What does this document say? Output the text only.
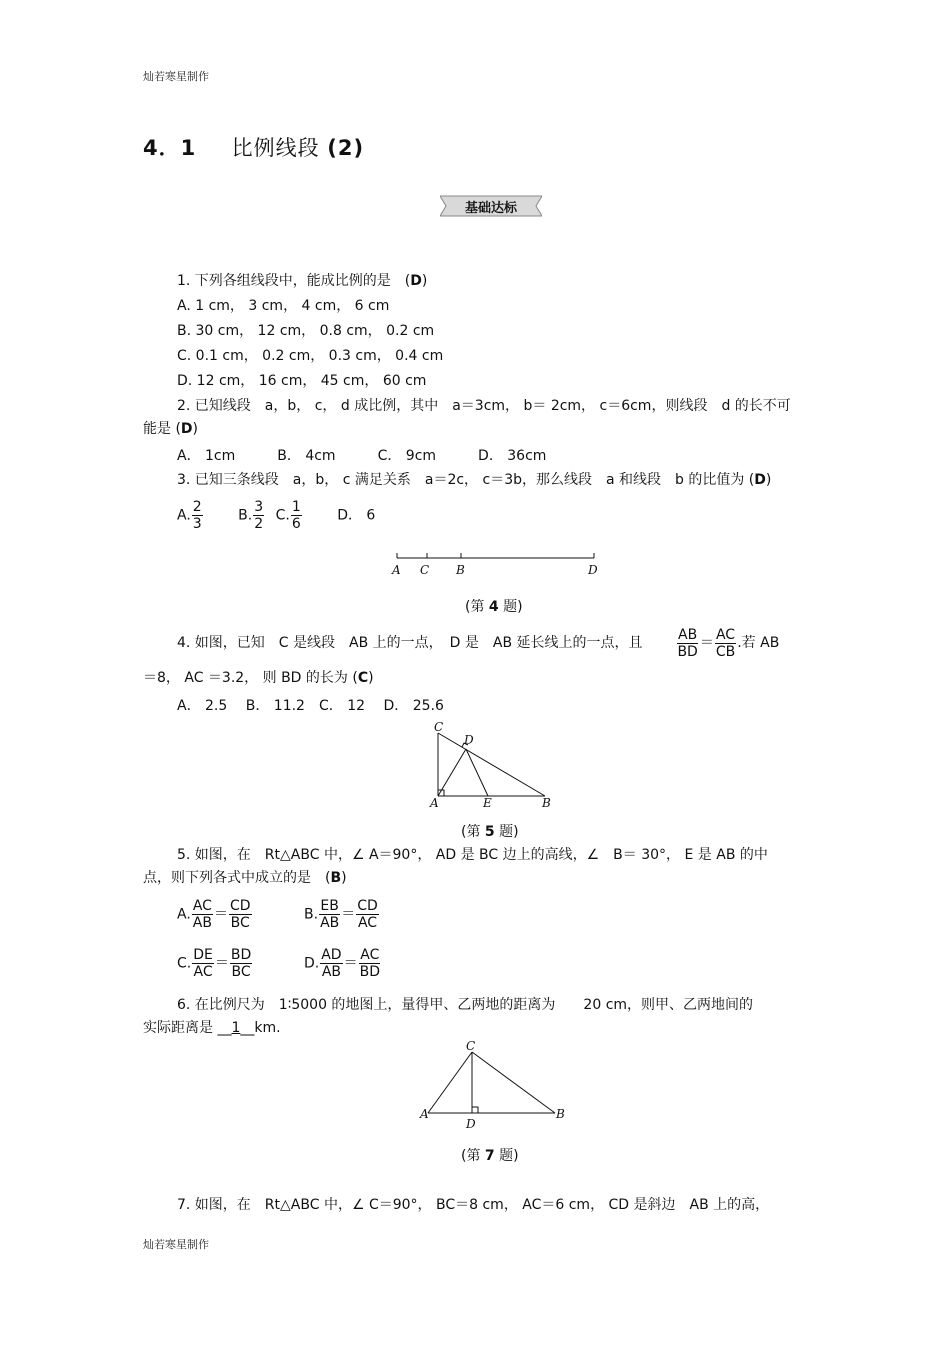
灿若寒星制作
4．1 比例线段 (2)
基础达标
1. 下列各组线段中，能成比例的是　(D)
A. 1 cm， 3 cm， 4 cm， 6 cm
B. 30 cm， 12 cm， 0.8 cm， 0.2 cm
C. 0.1 cm， 0.2 cm， 0.3 cm， 0.4 cm
D. 12 cm， 16 cm， 45 cm， 60 cm
2. 已知线段　a，b， c， d 成比例，其中　a＝3cm， b＝ 2cm， c＝6cm，则线段　d 的长不可
能是 (D)
A． 1cm　　　B． 4cm　　　C． 9cm　　　D． 36cm
3. 已知三条线段　a，b， c 满足关系　a＝2c， c＝3b，那么线段　a 和线段　b 的比值为 (D)
A. $\frac{2}{3}$	B. $\frac{3}{2} C$. $\frac{1}{6}$	D． 6
A C B	D
(第 4 题)
4. 如图，已知　C 是线段　AB 上的一点，　D 是　AB 延长线上的一点，且 $\frac{AB}{BD} = \frac{AC}{CB}$ .若 AB
＝8， AC ＝3.2， 则 BD 的长为 (C)
A． 2.5　 B． 11.2　C． 12　 D． 25.6
C
D
A	E	B
(第 5 题)
5. 如图，在　Rt△ABC 中，∠ A＝90°， AD 是 BC 边上的高线，∠　B＝ 30°， E 是 AB 的中
点，则下列各式中成立的是　(B)
A. $\frac{AC}{AB} = \frac{CD}{BC}$	B. $\frac{EB}{AB} = \frac{CD}{AC}$
C. $\frac{DE}{AC} = \frac{BD}{BC}$	D. $\frac{AD}{AB} = \frac{AC}{BD}$
6. 在比例尺为　1∶5000 的地图上，量得甲、乙两地的距离为　　20 cm，则甲、乙两地间的
实际距离是 __1__km.
C
A
D
B
(第 7 题)
7. 如图，在　Rt△ABC 中，∠ C＝90°， BC＝8 cm， AC＝6 cm， CD 是斜边　AB 上的高，
灿若寒星制作
